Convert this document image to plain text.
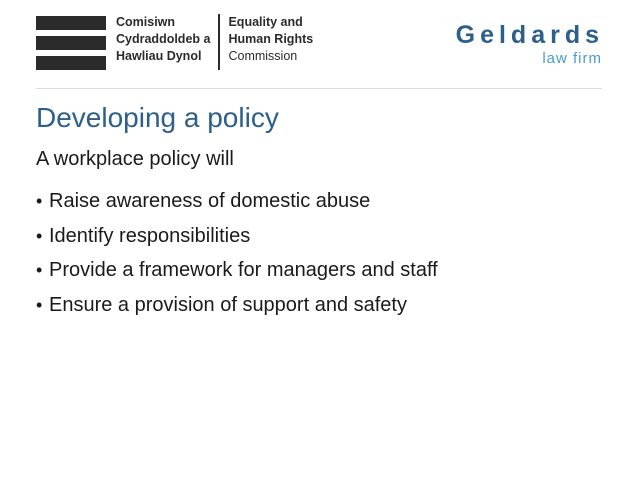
Comisiwn
Cydraddoldeb a
Hawliau Dynol
Equality and
Human Rights
Commission
Geldards
law firm
Developing a policy
A workplace policy will
• Raise awareness of domestic abuse
• Identify responsibilities
• Provide a framework for managers and staff
• Ensure a provision of support and safety
